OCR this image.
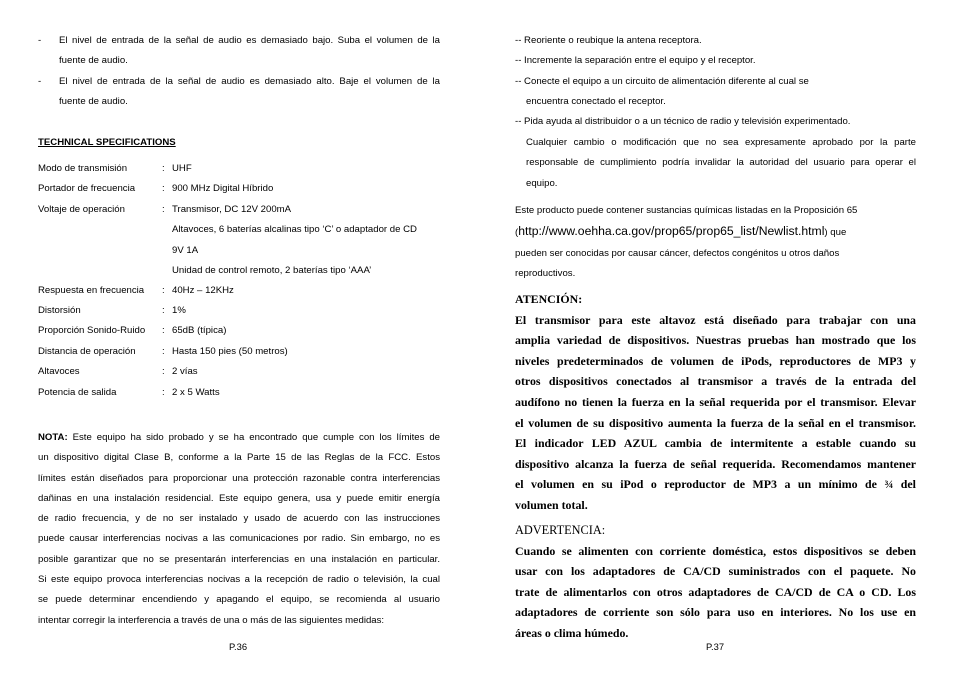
- El nivel de entrada de la señal de audio es demasiado bajo. Suba el volumen de la
fuente de audio.
- El nivel de entrada de la señal de audio es demasiado alto. Baje el volumen de la
fuente de audio.
TECHNICAL SPECIFICATIONS
Modo de transmisión	: UHF
Portador de frecuencia	: 900 MHz Digital Híbrido
Voltaje de operación	: Transmisor, DC 12V 200mA
Altavoces, 6 baterías alcalinas tipo ‘C’ o adaptador de CD
9V 1A
Unidad de control remoto, 2 baterías tipo ‘AAA’
Respuesta en frecuencia : 40Hz – 12KHz
Distorsión	: 1%
Proporción Sonido-Ruido : 65dB (típica)
Distancia de operación	: Hasta 150 pies (50 metros)
Altavoces	: 2 vías
Potencia de salida	: 2 x 5 Watts
NOTA: Este equipo ha sido probado y se ha encontrado que cumple con los límites de
un dispositivo digital Clase B, conforme a la Parte 15 de las Reglas de la FCC. Estos
límites están diseñados para proporcionar una protección razonable contra interferencias
dañinas en una instalación residencial. Este equipo genera, usa y puede emitir energía
de radio frecuencia, y de no ser instalado y usado de acuerdo con las instrucciones
puede causar interferencias nocivas a las comunicaciones por radio. Sin embargo, no es
posible garantizar que no se presentarán interferencias en una instalación en particular.
Si este equipo provoca interferencias nocivas a la recepción de radio o televisión, la cual
se puede determinar encendiendo y apagando el equipo, se recomienda al usuario
intentar corregir la interferencia a través de una o más de las siguientes medidas:
P.36
-- Reoriente o reubique la antena receptora.
-- Incremente la separación entre el equipo y el receptor.
-- Conecte el equipo a un circuito de alimentación diferente al cual se
encuentra conectado el receptor.
-- Pida ayuda al distribuidor o a un técnico de radio y televisión experimentado.
Cualquier cambio o modificación que no sea expresamente aprobado por la parte
responsable de cumplimiento podría invalidar la autoridad del usuario para operar el
equipo.
Este producto puede contener sustancias químicas listadas en la Proposición 65
(http://www.oehha.ca.gov/prop65/prop65_list/Newlist.html) que
pueden ser conocidas por causar cáncer, defectos congénitos u otros daños
reproductivos.
ATENCIÓN:
El transmisor para este altavoz está diseñado para trabajar con una
amplia variedad de dispositivos. Nuestras pruebas han mostrado que los
niveles predeterminados de volumen de iPods, reproductores de MP3 y
otros dispositivos conectados al transmisor a través de la entrada del
audífono no tienen la fuerza en la señal requerida por el transmisor. Elevar
el volumen de su dispositivo aumenta la fuerza de la señal en el transmisor.
El indicador LED AZUL cambia de intermitente a estable cuando su
dispositivo alcanza la fuerza de señal requerida. Recomendamos mantener
el volumen en su iPod o reproductor de MP3 a un mínimo de ¾ del
volumen total.
ADVERTENCIA:
Cuando se alimenten con corriente doméstica, estos dispositivos se deben
usar con los adaptadores de CA/CD suministrados con el paquete. No
trate de alimentarlos con otros adaptadores de CA/CD de CA o CD. Los
adaptadores de corriente son sólo para uso en interiores. No los use en
áreas o clima húmedo.
P.37
